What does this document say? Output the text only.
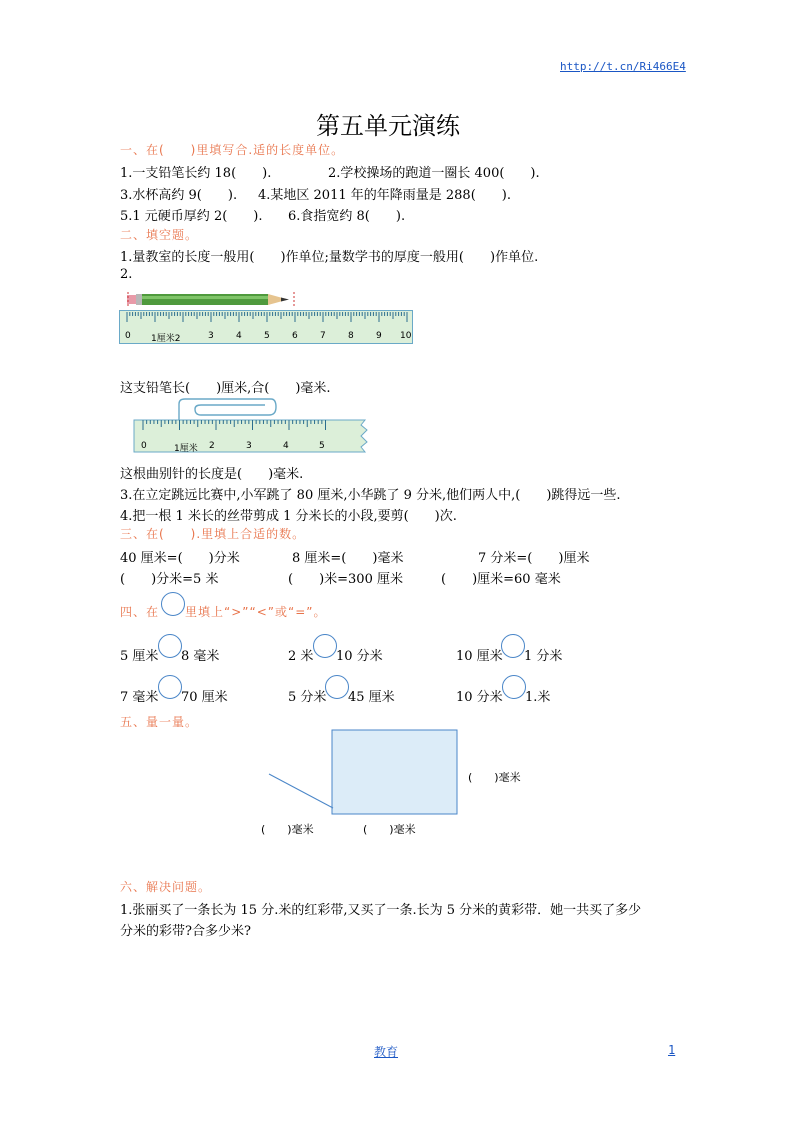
http://t.cn/Ri466E4
第五单元演练
一、在(　　)里填写合.适的长度单位。
1.一支铅笔长约 18(　　).	2.学校操场的跑道一圈长 400(　　).
3.水杯高约 9(　　). 4.某地区 2011 年的年降雨量是 288(　　).
5.1 元硬币厚约 2(　　). 6.食指宽约 8(　　).
二、填空题。
1.量教室的长度一般用(　　)作单位;量数学书的厚度一般用(　　)作单位.
2.
0 1厘米2	3 4 5 6 7 8 9 10
这支铅笔长(　　)厘米,合(　　)毫米.
0	1厘米 2	3	4	5
这根曲别针的长度是(　　)毫米.
3.在立定跳远比赛中,小军跳了 80 厘米,小华跳了 9 分米,他们两人中,(　　)跳得远一些.
4.把一根 1 米长的丝带剪成 1 分米长的小段,要剪(　　)次.
三、在(　　).里填上合适的数。
40 厘米=(　　)分米	8 厘米=(　　)毫米	7 分米=(　　)厘米
(　　)分米=5 米	(　　)米=300 厘米	(　　)厘米=60 毫米
四、在 里填上“>”“<”或“=”。
5 厘米 8 毫米	2 米 10 分米	10 厘米 1 分米
7 毫米 70 厘米	5 分米 45 厘米	10 分米 1.米
五、量一量。
(　　)毫米
(　　)毫米	(　　)毫米
六、解决问题。
1.张丽买了一条长为 15 分.米的红彩带,又买了一条.长为 5 分米的黄彩带．她一共买了多少
分米的彩带?合多少米?
教育	1
